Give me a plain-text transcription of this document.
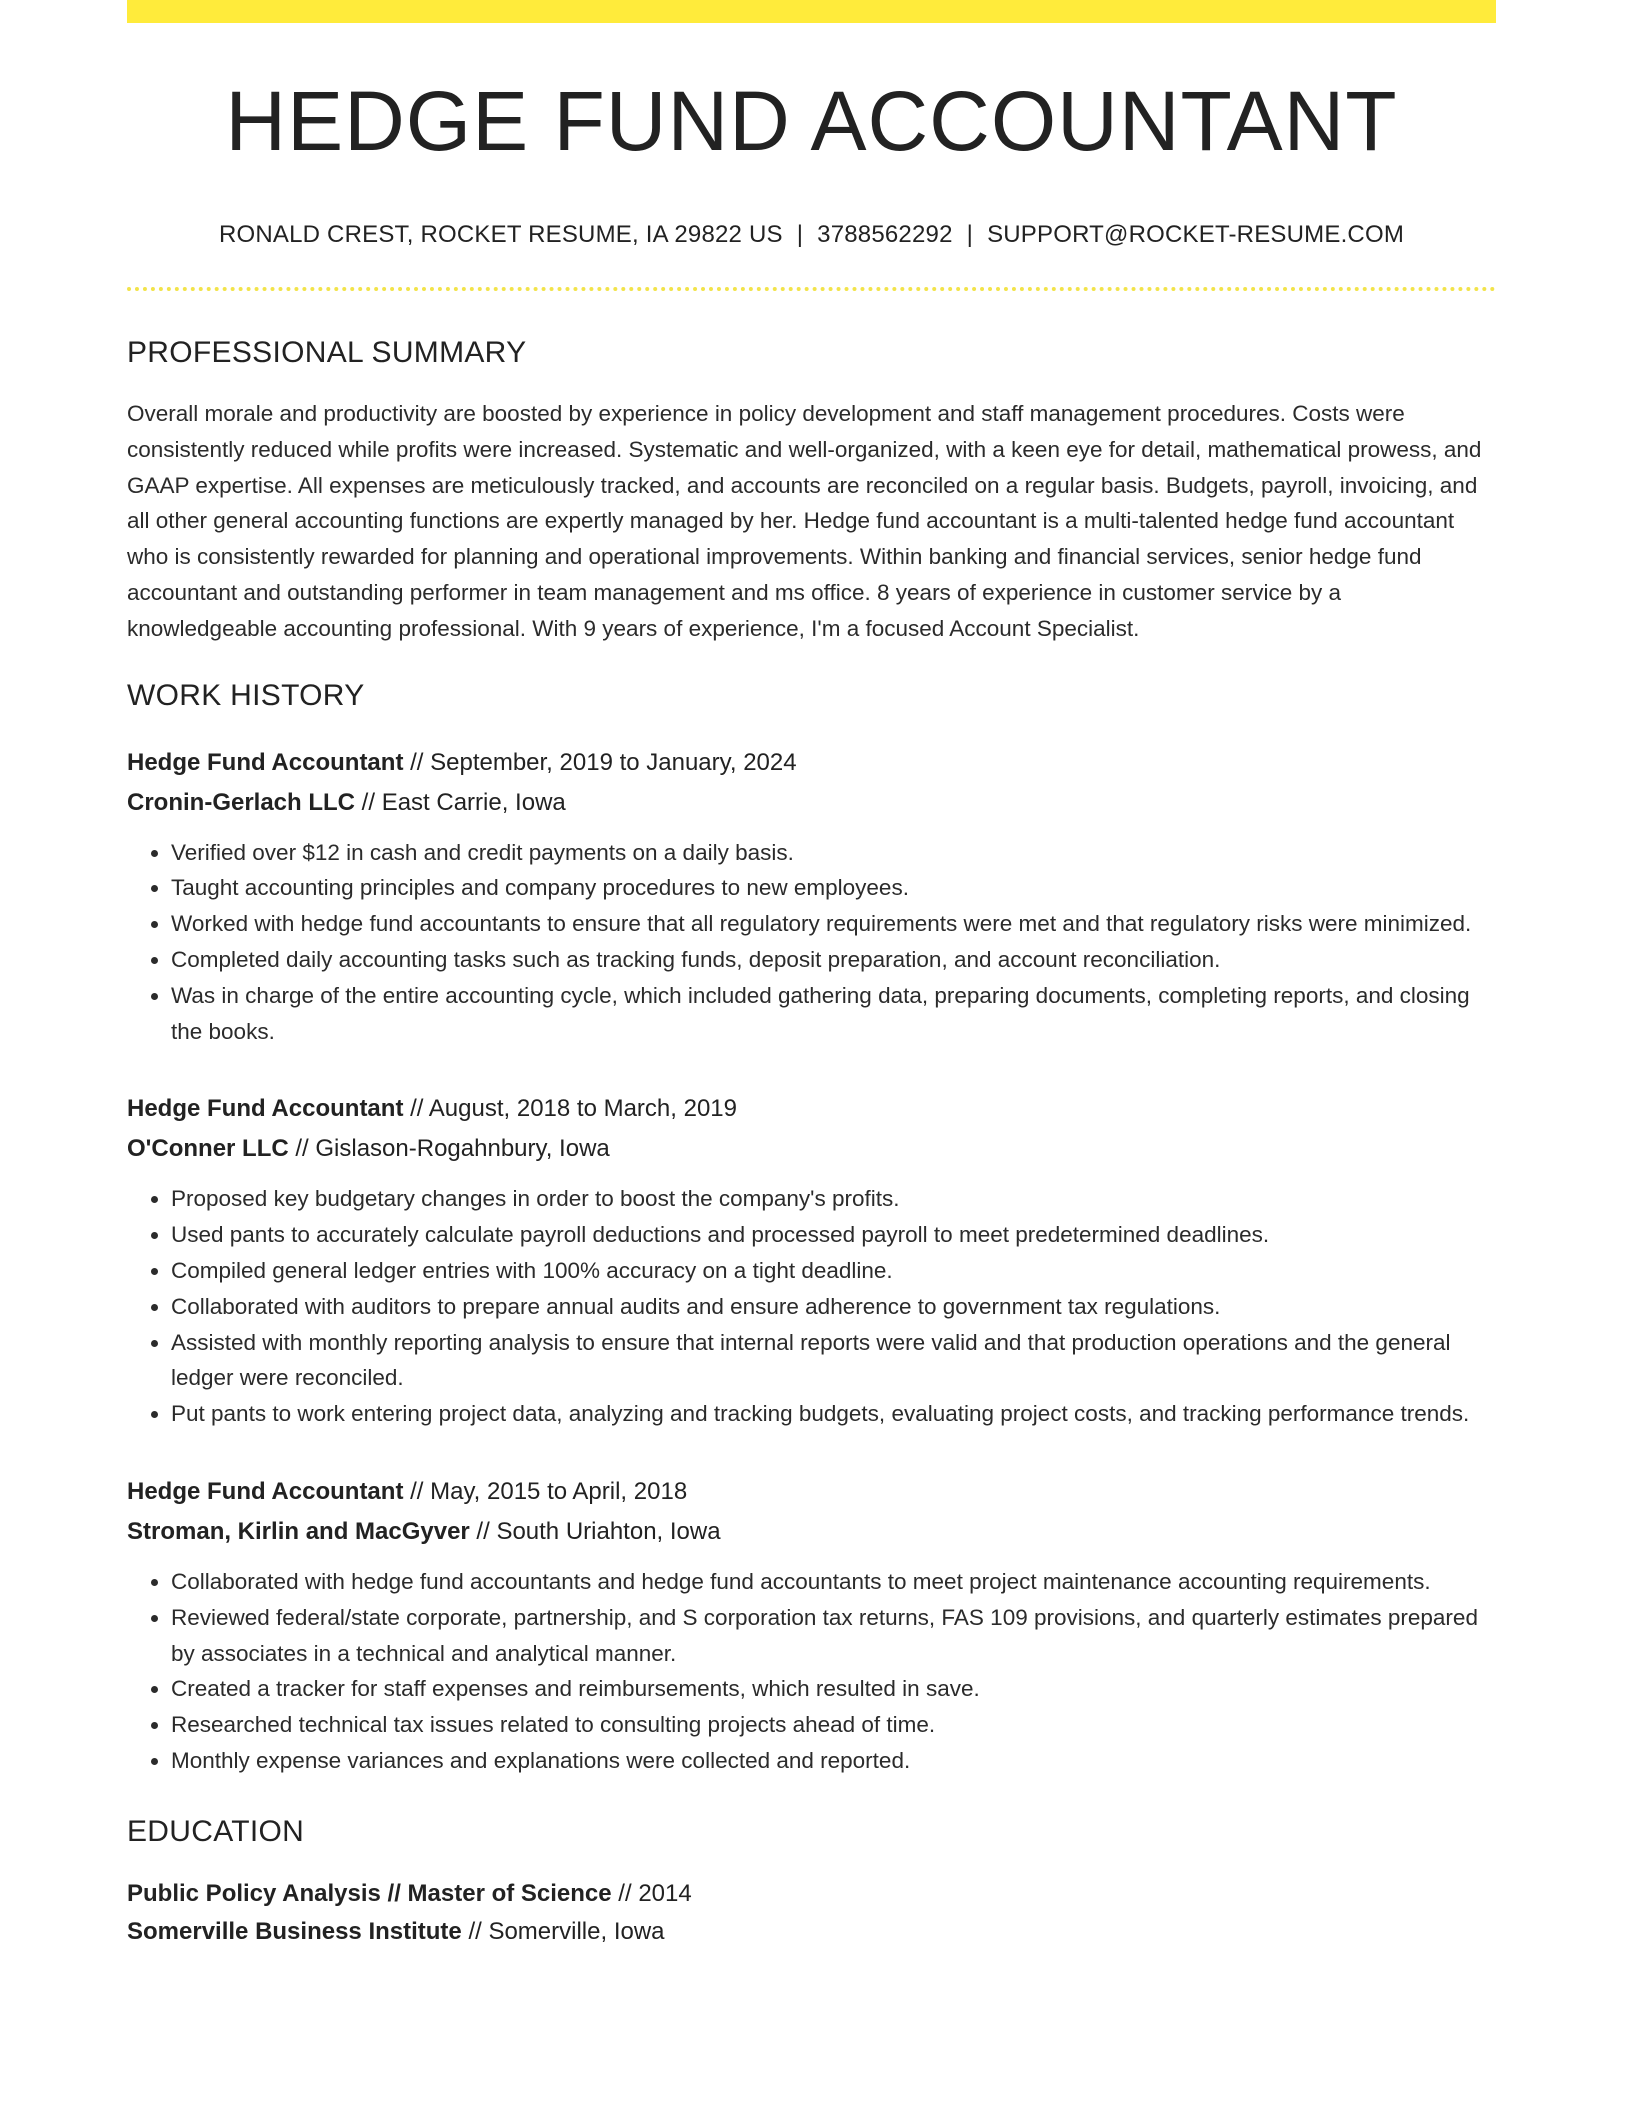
HEDGE FUND ACCOUNTANT
RONALD CREST, ROCKET RESUME, IA 29822 US | 3788562292 | SUPPORT@ROCKET-RESUME.COM
PROFESSIONAL SUMMARY
Overall morale and productivity are boosted by experience in policy development and staff management procedures. Costs were consistently reduced while profits were increased. Systematic and well-organized, with a keen eye for detail, mathematical prowess, and GAAP expertise. All expenses are meticulously tracked, and accounts are reconciled on a regular basis. Budgets, payroll, invoicing, and all other general accounting functions are expertly managed by her. Hedge fund accountant is a multi-talented hedge fund accountant who is consistently rewarded for planning and operational improvements. Within banking and financial services, senior hedge fund accountant and outstanding performer in team management and ms office. 8 years of experience in customer service by a knowledgeable accounting professional. With 9 years of experience, I'm a focused Account Specialist.
WORK HISTORY
Hedge Fund Accountant // September, 2019 to January, 2024
Cronin-Gerlach LLC // East Carrie, Iowa
• Verified over $12 in cash and credit payments on a daily basis.
• Taught accounting principles and company procedures to new employees.
• Worked with hedge fund accountants to ensure that all regulatory requirements were met and that regulatory risks were minimized.
• Completed daily accounting tasks such as tracking funds, deposit preparation, and account reconciliation.
• Was in charge of the entire accounting cycle, which included gathering data, preparing documents, completing reports, and closing the books.
Hedge Fund Accountant // August, 2018 to March, 2019
O'Conner LLC // Gislason-Rogahnbury, Iowa
• Proposed key budgetary changes in order to boost the company's profits.
• Used pants to accurately calculate payroll deductions and processed payroll to meet predetermined deadlines.
• Compiled general ledger entries with 100% accuracy on a tight deadline.
• Collaborated with auditors to prepare annual audits and ensure adherence to government tax regulations.
• Assisted with monthly reporting analysis to ensure that internal reports were valid and that production operations and the general ledger were reconciled.
• Put pants to work entering project data, analyzing and tracking budgets, evaluating project costs, and tracking performance trends.
Hedge Fund Accountant // May, 2015 to April, 2018
Stroman, Kirlin and MacGyver // South Uriahton, Iowa
• Collaborated with hedge fund accountants and hedge fund accountants to meet project maintenance accounting requirements.
• Reviewed federal/state corporate, partnership, and S corporation tax returns, FAS 109 provisions, and quarterly estimates prepared by associates in a technical and analytical manner.
• Created a tracker for staff expenses and reimbursements, which resulted in save.
• Researched technical tax issues related to consulting projects ahead of time.
• Monthly expense variances and explanations were collected and reported.
EDUCATION
Public Policy Analysis // Master of Science // 2014
Somerville Business Institute // Somerville, Iowa
